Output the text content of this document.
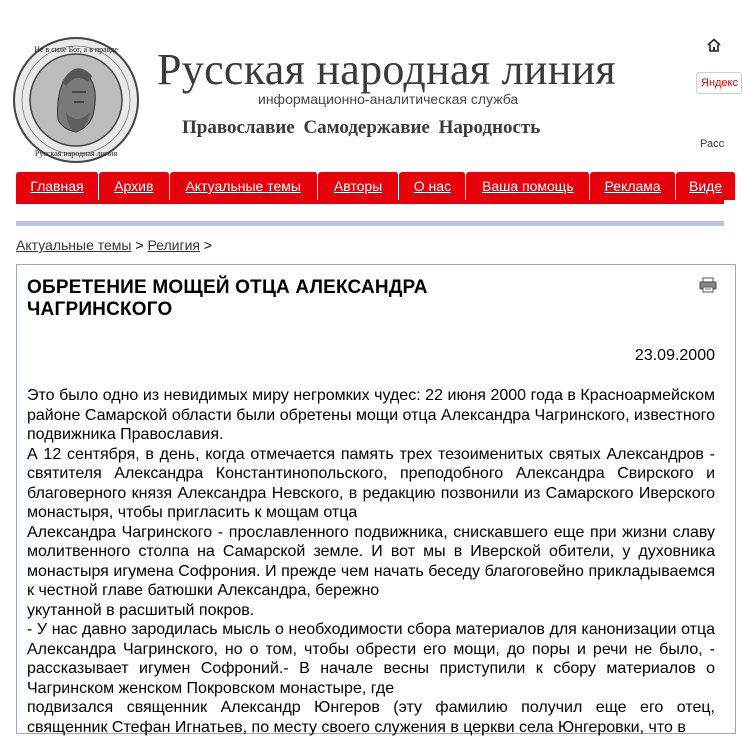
Не в силе Бог, а в правде
Русская народная линия
Русская народная линия
информационно-аналитическая служба
Православие Самодержавие Народность
Яндекс
Расс
Главная	Архив	Актуальные темы	Авторы	О нас	Ваша помощь	Реклама	Виде
Актуальные темы > Религия >
ОБРЕТЕНИЕ МОЩЕЙ ОТЦА АЛЕКСАНДРА ЧАГРИНСКОГО
23.09.2000

Это было одно из невидимых миру негромких чудес: 22 июня 2000 года в Красноармейском районе Самарской области были обретены мощи отца Александра Чагринского, известного подвижника Православия.

А 12 сентября, в день, когда отмечается память трех тезоименитых святых Александров - святителя Александра Константинопольского, преподобного Александра Свирского и благоверного князя Александра Невского, в редакцию позвонили из Самарского Иверского монастыря, чтобы пригласить к мощам отца

Александра Чагринского - прославленного подвижника, снискавшего еще при жизни славу молитвенного столпа на Самарской земле. И вот мы в Иверской обители, у духовника монастыря игумена Софрония. И прежде чем начать беседу благоговейно прикладываемся к честной главе батюшки Александра, бережно

укутанной в расшитый покров.

- У нас давно зародилась мысль о необходимости сбора материалов для канонизации отца Александра Чагринского, но о том, чтобы обрести его мощи, до поры и речи не было, - рассказывает игумен Софроний.- В начале весны приступили к сбору материалов о Чагринском женском Покровском монастыре, где

подвизался священник Александр Юнгеров (эту фамилию получил еще его отец, священник Стефан Игнатьев, по месту своего служения в церкви села Юнгеровки, что в
